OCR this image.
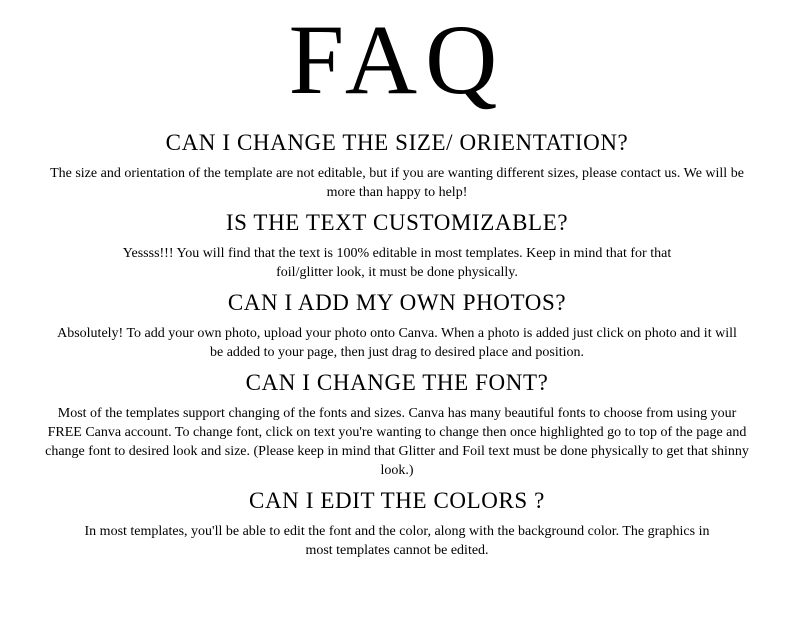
FAQ
CAN I CHANGE THE SIZE/ ORIENTATION?

The size and orientation of the template are not editable, but if you are wanting different sizes, please contact us. We will be more than happy to help!

IS THE TEXT CUSTOMIZABLE?

Yessss!!! You will find that the text is 100% editable in most templates. Keep in mind that for that foil/glitter look, it must be done physically.

CAN I ADD MY OWN PHOTOS?

Absolutely! To add your own photo, upload your photo onto Canva. When a photo is added just click on photo and it will be added to your page, then just drag to desired place and position.

CAN I CHANGE THE FONT?

Most of the templates support changing of the fonts and sizes. Canva has many beautiful fonts to choose from using your FREE Canva account. To change font, click on text you're wanting to change then once highlighted go to top of the page and change font to desired look and size. (Please keep in mind that Glitter and Foil text must be done physically to get that shinny look.)

CAN I EDIT THE COLORS ?

In most templates, you'll be able to edit the font and the color, along with the background color. The graphics in most templates cannot be edited.
